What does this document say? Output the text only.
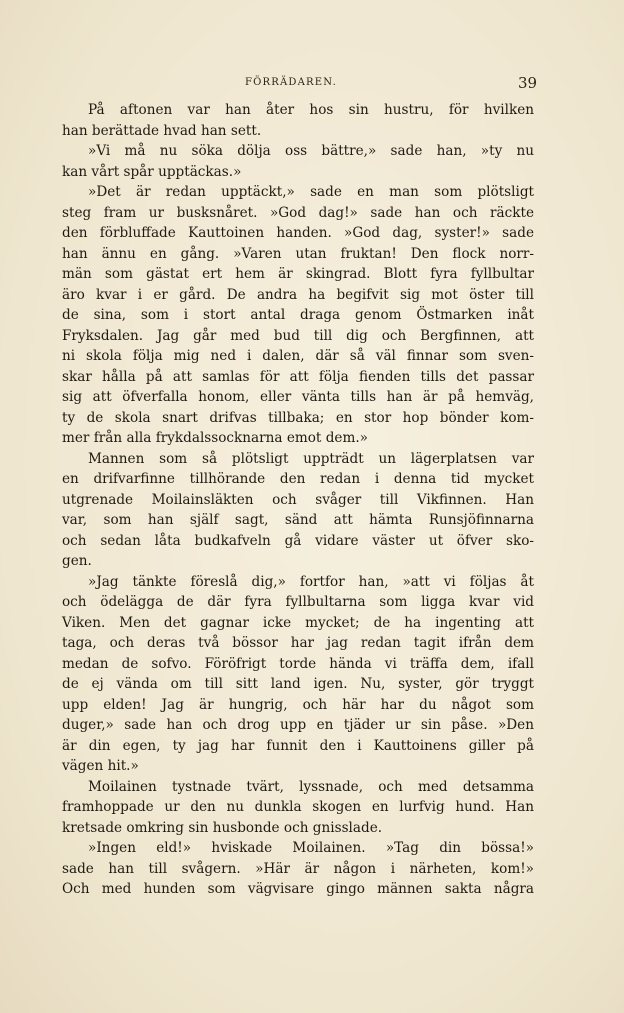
FÖRRÄDAREN.	39
På aftonen var han åter hos sin hustru, för hvilken
han berättade hvad han sett.
»Vi må nu söka dölja oss bättre,» sade han, »ty nu
kan vårt spår upptäckas.»
»Det är redan upptäckt,» sade en man som plötsligt
steg fram ur busksnåret. »God dag!» sade han och räckte
den förbluffade Kauttoinen handen. »God dag, syster!» sade
han ännu en gång. »Varen utan fruktan! Den flock norr-
män som gästat ert hem är skingrad. Blott fyra fyllbultar
äro kvar i er gård. De andra ha begifvit sig mot öster till
de sina, som i stort antal draga genom Östmarken inåt
Fryksdalen. Jag går med bud till dig och Bergfinnen, att
ni skola följa mig ned i dalen, där så väl finnar som sven-
skar hålla på att samlas för att följa fienden tills det passar
sig att öfverfalla honom, eller vänta tills han är på hemväg,
ty de skola snart drifvas tillbaka; en stor hop bönder kom-
mer från alla frykdalssocknarna emot dem.»
Mannen som så plötsligt uppträdt un lägerplatsen var
en drifvarfinne tillhörande den redan i denna tid mycket
utgrenade Moilainsläkten och svåger till Vikfinnen. Han
var, som han själf sagt, sänd att hämta Runsjöfinnarna
och sedan låta budkafveln gå vidare väster ut öfver sko-
gen.
»Jag tänkte föreslå dig,» fortfor han, »att vi följas åt
och ödelägga de där fyra fyllbultarna som ligga kvar vid
Viken. Men det gagnar icke mycket; de ha ingenting att
taga, och deras två bössor har jag redan tagit ifrån dem
medan de sofvo. Föröfrigt torde hända vi träffa dem, ifall
de ej vända om till sitt land igen. Nu, syster, gör tryggt
upp elden! Jag är hungrig, och här har du något som
duger,» sade han och drog upp en tjäder ur sin påse. »Den
är din egen, ty jag har funnit den i Kauttoinens giller på
vägen hit.»
Moilainen tystnade tvärt, lyssnade, och med detsamma
framhoppade ur den nu dunkla skogen en lurfvig hund. Han
kretsade omkring sin husbonde och gnisslade.
»Ingen eld!» hviskade Moilainen. »Tag din bössa!»
sade han till svågern. »Här är någon i närheten, kom!»
Och med hunden som vägvisare gingo männen sakta några
